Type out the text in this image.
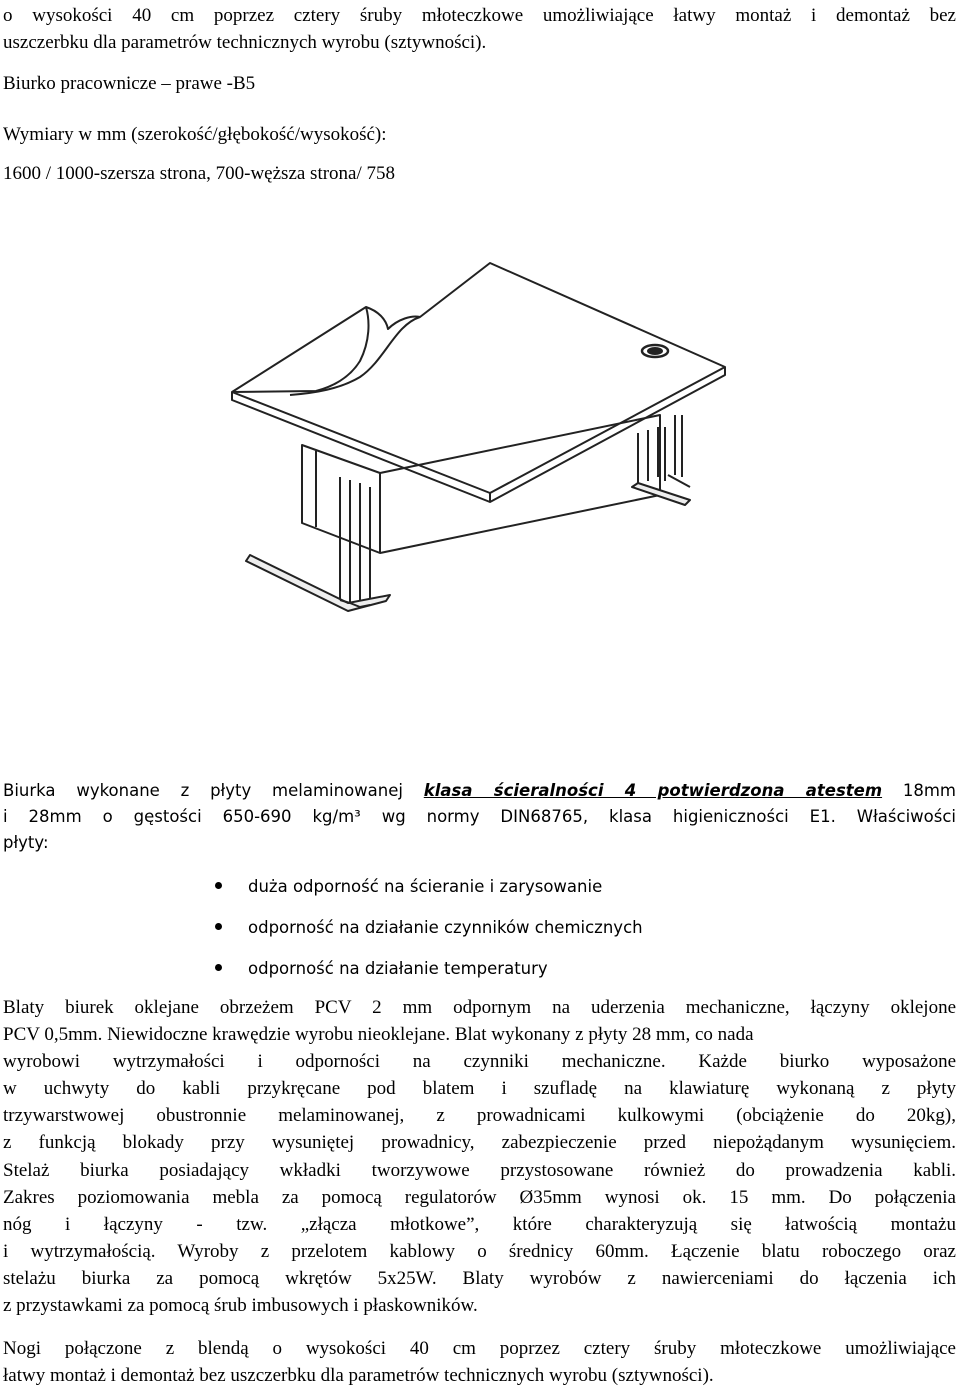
o wysokości 40 cm poprzez cztery śruby młoteczkowe umożliwiające łatwy montaż i demontaż bez

uszczerbku dla parametrów technicznych wyrobu (sztywności).

Biurko pracownicze – prawe -B5

Wymiary w mm (szerokość/głębokość/wysokość):

1600 / 1000-szersza strona, 700-węższa strona/ 758

Biurka wykonane z płyty melaminowanej klasa ścieralności 4 potwierdzona atestem 18mm
i 28mm o gęstości 650-690 kg/m³ wg normy DIN68765, klasa higieniczności E1. Właściwości
płyty:

duża odporność na ścieranie i zarysowanie
odporność na działanie czynników chemicznych
odporność na działanie temperatury

Blaty biurek oklejane obrzeżem PCV 2 mm odpornym na uderzenia mechaniczne, łączyny oklejone
PCV 0,5mm. Niewidoczne krawędzie wyrobu nieoklejane. Blat wykonany z płyty 28 mm, co nada
wyrobowi wytrzymałości i odporności na czynniki mechaniczne. Każde biurko wyposażone
w uchwyty do kabli przykręcane pod blatem i szufladę na klawiaturę wykonaną z płyty
trzywarstwowej obustronnie melaminowanej, z prowadnicami kulkowymi (obciążenie do 20kg),
z funkcją blokady przy wysuniętej prowadnicy, zabezpieczenie przed niepożądanym wysunięciem.
Stelaż biurka posiadający wkładki tworzywowe przystosowane również do prowadzenia kabli.
Zakres poziomowania mebla za pomocą regulatorów Ø35mm wynosi ok. 15 mm. Do połączenia
nóg i łączyny - tzw. „złącza młotkowe”, które charakteryzują się łatwością montażu
i wytrzymałością. Wyroby z przelotem kablowy o średnicy 60mm. Łączenie blatu roboczego oraz
stelażu biurka za pomocą wkrętów 5x25W. Blaty wyrobów z nawierceniami do łączenia ich
z przystawkami za pomocą śrub imbusowych i płaskowników.

Nogi połączone z blendą o wysokości 40 cm poprzez cztery śruby młoteczkowe umożliwiające
łatwy montaż i demontaż bez uszczerbku dla parametrów technicznych wyrobu (sztywności).
